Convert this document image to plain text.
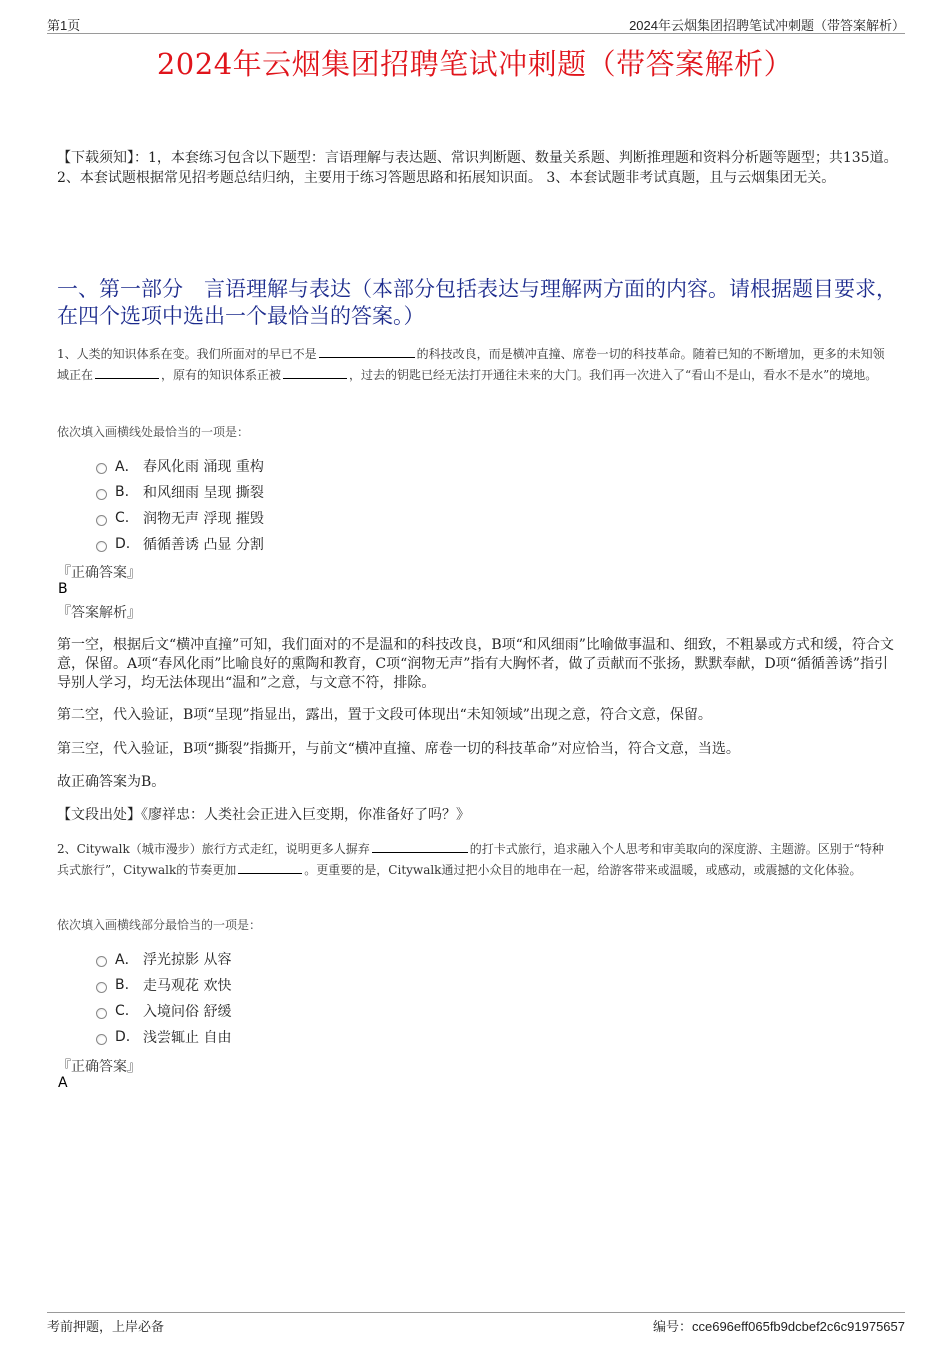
第1页	2024年云烟集团招聘笔试冲刺题（带答案解析）
2024年云烟集团招聘笔试冲刺题（带答案解析）
【下载须知】：1，本套练习包含以下题型：言语理解与表达题、常识判断题、数量关系题、判断推理题和资料分析题等题型；共135道。 2、本套试题根据常见招考题总结归纳，主要用于练习答题思路和拓展知识面。 3、本套试题非考试真题，且与云烟集团无关。
一、第一部分　言语理解与表达（本部分包括表达与理解两方面的内容。请根据题目要求，在四个选项中选出一个最恰当的答案。）
1、人类的知识体系在变。我们所面对的早已不是	的科技改良，而是横冲直撞、席卷一切的科技革命。随着已知的不断增加，更多的未知领域正在	，原有的知识体系正被	，过去的钥匙已经无法打开通往未来的大门。我们再一次进入了“看山不是山，看水不是水”的境地。
依次填入画横线处最恰当的一项是：
A． 春风化雨 涌现 重构
B. 和风细雨 呈现 撕裂
C. 润物无声 浮现 摧毁
D. 循循善诱 凸显 分割
『正确答案』
B
『答案解析』
第一空，根据后文“横冲直撞”可知，我们面对的不是温和的科技改良，B项“和风细雨”比喻做事温和、细致，不粗暴或方式和缓，符合文意，保留。A项“春风化雨”比喻良好的熏陶和教育，C项“润物无声”指有大胸怀者，做了贡献而不张扬，默默奉献，D项“循循善诱”指引导别人学习，均无法体现出“温和”之意，与文意不符，排除。
第二空，代入验证，B项“呈现”指显出，露出，置于文段可体现出“未知领域”出现之意，符合文意，保留。
第三空，代入验证，B项“撕裂”指撕开，与前文“横冲直撞、席卷一切的科技革命”对应恰当，符合文意，当选。
故正确答案为B。
【文段出处】《廖祥忠：人类社会正进入巨变期，你准备好了吗？》
2、Citywalk（城市漫步）旅行方式走红，说明更多人摒弃	的打卡式旅行，追求融入个人思考和审美取向的深度游、主题游。区别于“特种兵式旅行”，Citywalk的节奏更加	。更重要的是，Citywalk通过把小众目的地串在一起，给游客带来或温暖，或感动，或震撼的文化体验。
依次填入画横线部分最恰当的一项是：
A． 浮光掠影 从容
B. 走马观花 欢快
C. 入境问俗 舒缓
D. 浅尝辄止 自由
『正确答案』
A
考前押题，上岸必备	编号：cce696eff065fb9dcbef2c6c91975657
